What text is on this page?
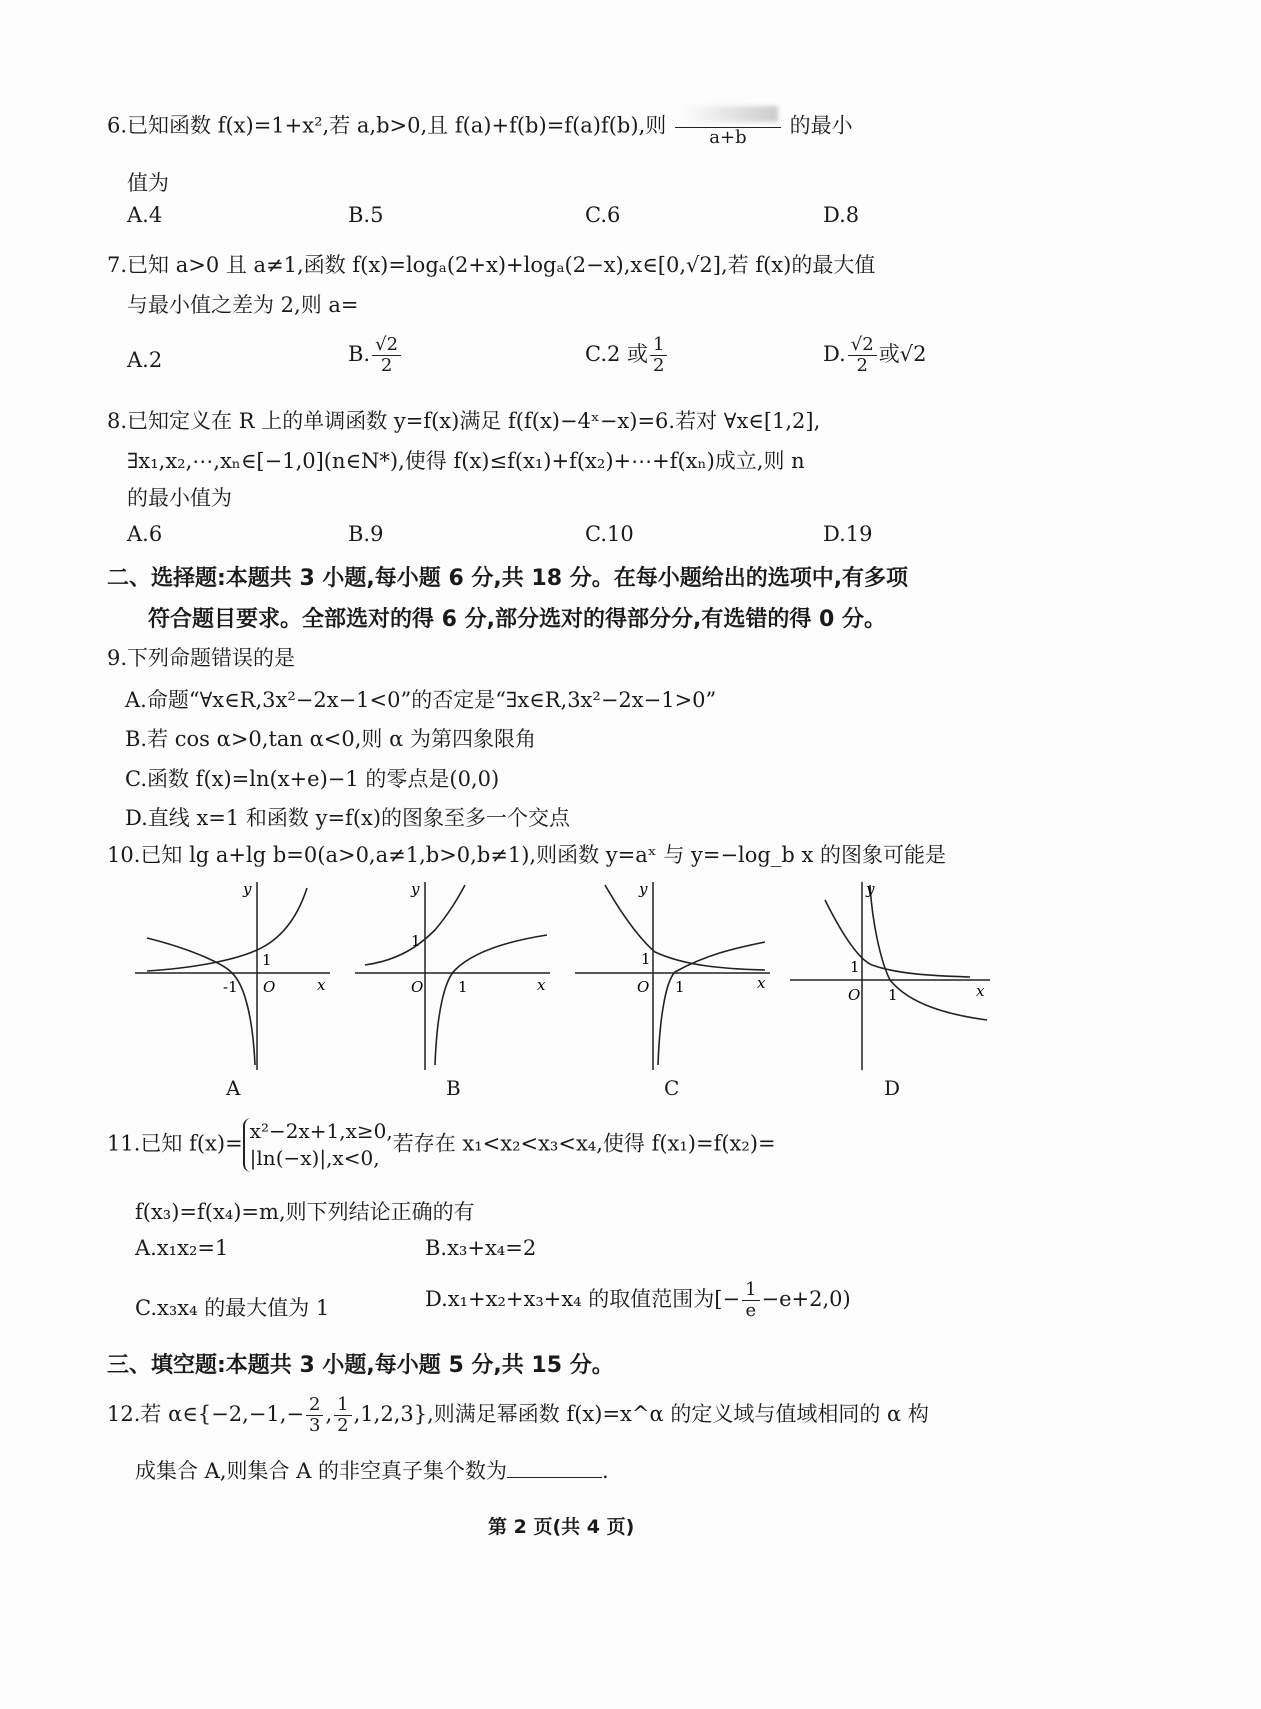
6.已知函数 f(x)=1+x²,若 a,b>0,且 f(a)+f(b)=f(a)f(b),则 a+b 的最小
值为
A.4	B.5	C.6	D.8
7.已知 a>0 且 a≠1,函数 f(x)=logₐ(2+x)+logₐ(2−x),x∈[0,√2],若 f(x)的最大值
与最小值之差为 2,则 a=
A.2	B. $\frac{√2}{2}$	C.2 或 $\frac{1}{2}$	D. $\frac{√2}{2}$ 或√2
8.已知定义在 R 上的单调函数 y=f(x)满足 f(f(x)−4ˣ−x)=6.若对 ∀x∈[1,2],
∃x₁,x₂,⋯,xₙ∈[−1,0](n∈N*),使得 f(x)≤f(x₁)+f(x₂)+⋯+f(xₙ)成立,则 n
的最小值为
A.6	B.9	C.10	D.19
二、选择题:本题共 3 小题,每小题 6 分,共 18 分。在每小题给出的选项中,有多项
符合题目要求。全部选对的得 6 分,部分选对的得部分分,有选错的得 0 分。
9.下列命题错误的是
A.命题“∀x∈R,3x²−2x−1<0”的否定是“∃x∈R,3x²−2x−1>0”
B.若 cos α>0,tan α<0,则 α 为第四象限角
C.函数 f(x)=ln(x+e)−1 的零点是(0,0)
D.直线 x=1 和函数 y=f(x)的图象至多一个交点
10.已知 lg a+lg b=0(a>0,a≠1,b>0,b≠1),则函数 y=aˣ 与 y=−log_b x 的图象可能是
y
1
-1 O	x
y
1
O 1	x
y
1
O 1	x
y
1
O 1	x
A	B	C	D
11.已知 f(x)=
x²−2x+1,x≥0,
|ln(−x)|,x<0,
若存在 x₁<x₂<x₃<x₄,使得 f(x₁)=f(x₂)=
f(x₃)=f(x₄)=m,则下列结论正确的有
A.x₁x₂=1	B.x₃+x₄=2
C.x₃x₄ 的最大值为 1	D.x₁+x₂+x₃+x₄ 的取值范围为[− $\frac{1}{e} -e+2,0$)
三、填空题:本题共 3 小题,每小题 5 分,共 15 分。
12.若 α∈{−2,−1,− $\frac{2}{3}$ , $\frac{1}{2} ,1,2,3$},则满足幂函数 f(x)=x^α 的定义域与值域相同的 α 构
成集合 A,则集合 A 的非空真子集个数为	.
第 2 页(共 4 页)
